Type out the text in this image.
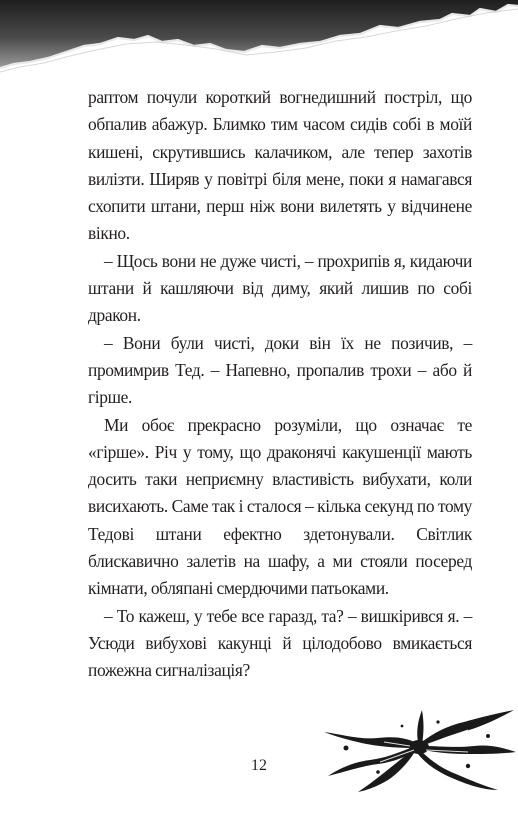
раптом почули короткий вогнедишний постріл, що обпалив абажур. Блимко тим часом сидів собі в моїй кишені, скрутившись калачиком, але тепер захотів вилізти. Ширяв у повітрі біля мене, поки я намагався схопити штани, перш ніж вони вилетять у відчинене вікно.

– Щось вони не дуже чисті, – прохрипів я, кидаючи штани й кашляючи від диму, який лишив по собі дракон.

– Вони були чисті, доки він їх не позичив, – промимрив Тед. – Напевно, пропалив трохи – або й гірше.

Ми обоє прекрасно розуміли, що означає те «гірше». Річ у тому, що драконячі какушенції мають досить таки неприємну властивість вибухати, коли висихають. Саме так і сталося – кілька секунд по тому Тедові штани ефектно здетонували. Світлик блискавично залетів на шафу, а ми стояли посеред кімнати, обляпані смердючими патьоками.

– То кажеш, у тебе все гаразд, та? – вишкірився я. – Усюди вибухові какунці й цілодобово вмикається пожежна сигналізація?

12
